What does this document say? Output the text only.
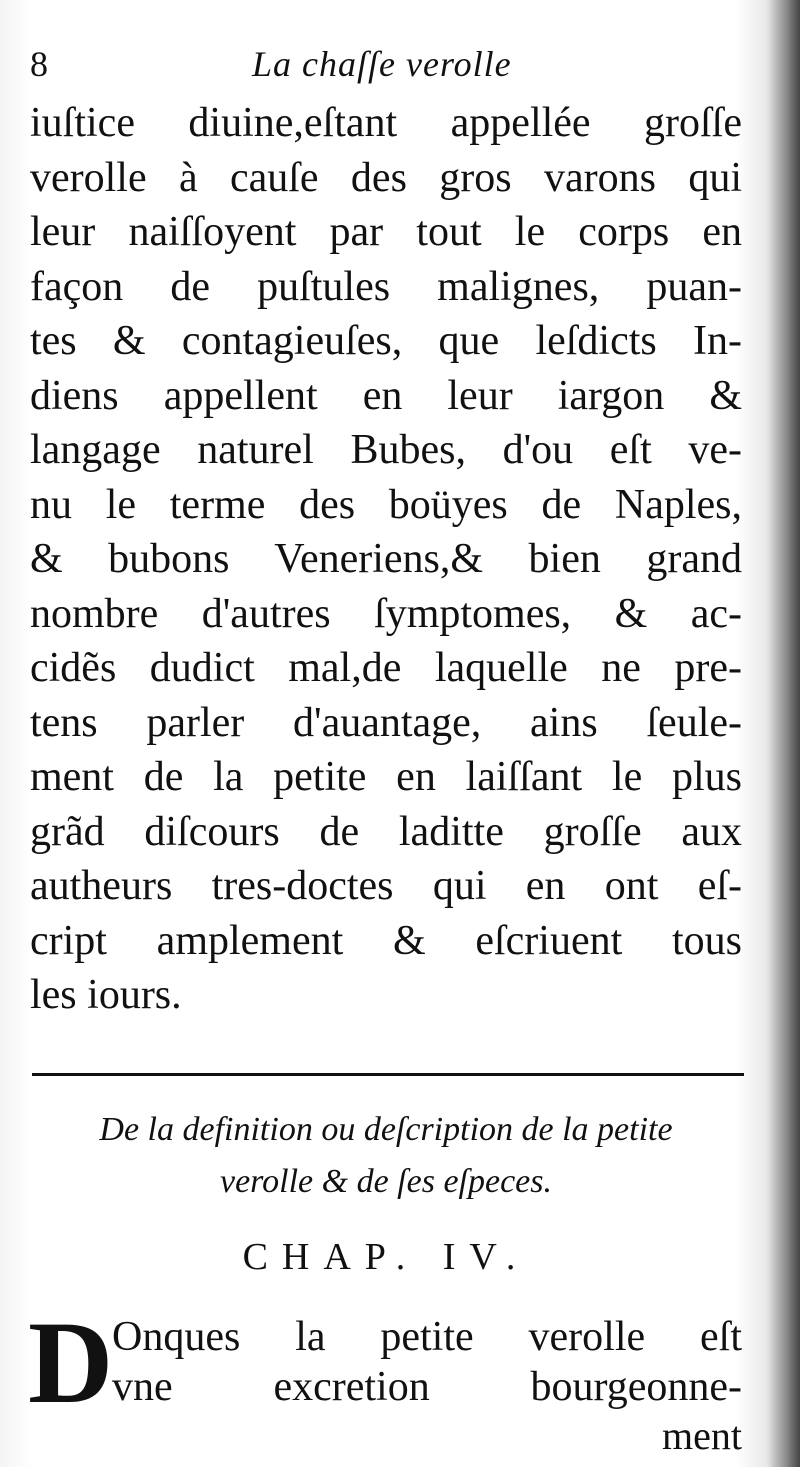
8	La chaſſe verolle
iuſtice diuine,eſtant appellée groſſe
verolle à cauſe des gros varons qui
leur naiſſoyent par tout le corps en
façon de puſtules malignes, puan-
tes & contagieuſes, que leſdicts In-
diens appellent en leur iargon &
langage naturel Bubes, d'ou eſt ve-
nu le terme des boüyes de Naples,
& bubons Veneriens,& bien grand
nombre d'autres ſymptomes, & ac-
cidẽs dudict mal,de laquelle ne pre-
tens parler d'auantage, ains ſeule-
ment de la petite en laiſſant le plus
grãd diſcours de laditte groſſe aux
autheurs tres-doctes qui en ont eſ-
cript amplement & eſcriuent tous
les iours.
De la definition ou deſcription de la petite
verolle & de ſes eſpeces.
CHAP. IV.
D
Onques la petite verolle eſt
vne excretion bourgeonne-
ment
